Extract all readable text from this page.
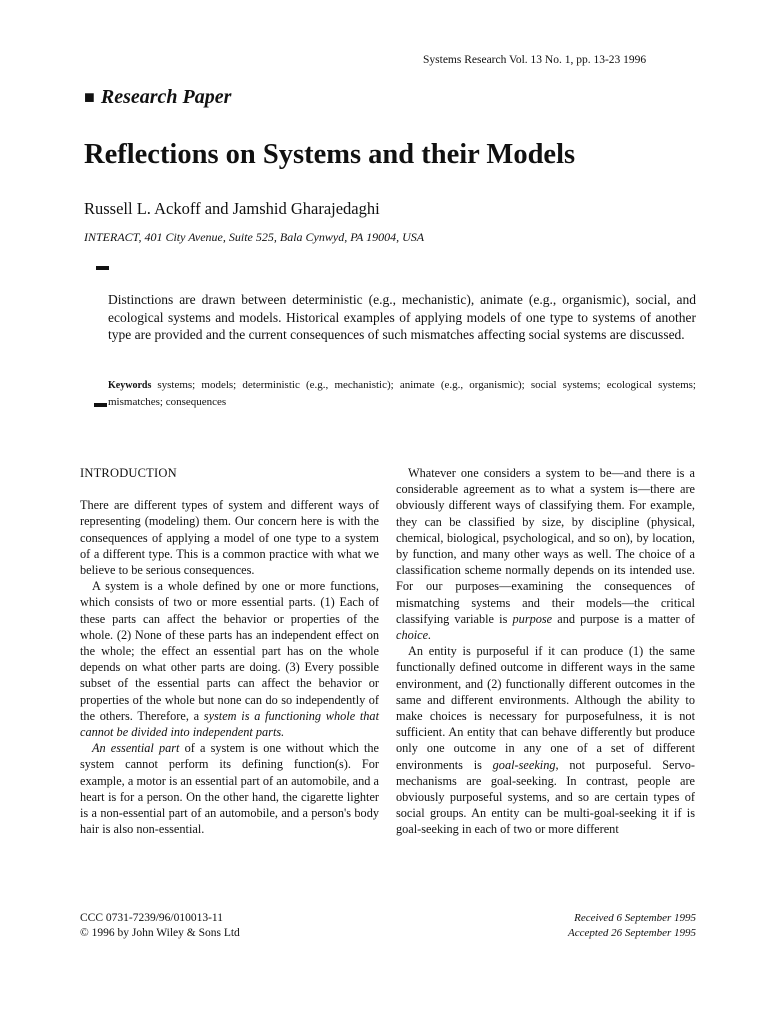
Systems Research Vol. 13 No. 1, pp. 13-23 1996
■ Research Paper
Reflections on Systems and their Models
Russell L. Ackoff and Jamshid Gharajedaghi
INTERACT, 401 City Avenue, Suite 525, Bala Cynwyd, PA 19004, USA

Distinctions are drawn between deterministic (e.g., mechanistic), animate (e.g., organismic), social, and ecological systems and models. Historical examples of applying models of one type to systems of another type are provided and the current consequences of such mismatches affecting social systems are discussed.

Keywords systems; models; deterministic (e.g., mechanistic); animate (e.g., organismic); social systems; ecological systems; mismatches; consequences

INTRODUCTION

There are different types of system and different ways of representing (modeling) them. Our concern here is with the consequences of applying a model of one type to a system of a different type. This is a common practice with what we believe to be serious consequences.

A system is a whole defined by one or more functions, which consists of two or more essential parts. (1) Each of these parts can affect the behavior or properties of the whole. (2) None of these parts has an independent effect on the whole; the effect an essential part has on the whole depends on what other parts are doing. (3) Every possible subset of the essential parts can affect the behavior or properties of the whole but none can do so independently of the others. Therefore, a system is a functioning whole that cannot be divided into independent parts.

An essential part of a system is one without which the system cannot perform its defining function(s). For example, a motor is an essential part of an automobile, and a heart is for a person. On the other hand, the cigarette lighter is a non-essential part of an automobile, and a person's body hair is also non-essential.

Whatever one considers a system to be—and there is a considerable agreement as to what a system is—there are obviously different ways of classifying them. For example, they can be classified by size, by discipline (physical, chemical, biological, psychological, and so on), by location, by function, and many other ways as well. The choice of a classification scheme normally depends on its intended use. For our purposes—examining the consequences of mismatching systems and their models—the critical classifying variable is purpose and purpose is a matter of choice.

An entity is purposeful if it can produce (1) the same functionally defined outcome in different ways in the same environment, and (2) functionally different outcomes in the same and different environments. Although the ability to make choices is necessary for purposefulness, it is not sufficient. An entity that can behave differently but produce only one outcome in any one of a set of different environments is goal-seeking, not purposeful. Servo-mechanisms are goal-seeking. In contrast, people are obviously purposeful systems, and so are certain types of social groups. An entity can be multi-goal-seeking it if is goal-seeking in each of two or more different

CCC 0731-7239/96/010013-11
© 1996 by John Wiley & Sons Ltd
Received 6 September 1995
Accepted 26 September 1995
